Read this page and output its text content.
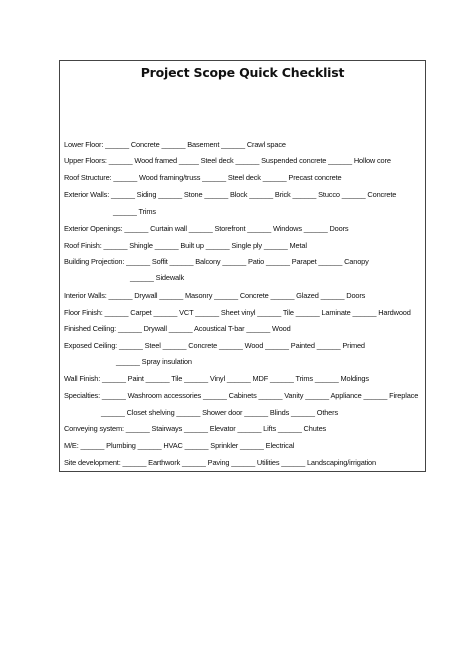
Project Scope Quick Checklist
Lower Floor: ______ Concrete ______ Basement ______ Crawl space
Upper Floors: ______ Wood framed _____ Steel deck ______ Suspended concrete ______ Hollow core
Roof Structure: ______ Wood framing/truss ______ Steel deck ______ Precast concrete
Exterior Walls: ______ Siding ______ Stone ______ Block ______ Brick ______ Stucco ______ Concrete
______ Trims
Exterior Openings: ______ Curtain wall ______ Storefront ______ Windows ______ Doors
Roof Finish: ______ Shingle ______ Built up ______ Single ply ______ Metal
Building Projection: ______ Soffit ______ Balcony ______ Patio ______ Parapet ______ Canopy
______ Sidewalk
Interior Walls: ______ Drywall ______ Masonry ______ Concrete ______ Glazed ______ Doors
Floor Finish: ______ Carpet ______ VCT ______ Sheet vinyl ______ Tile ______ Laminate ______ Hardwood
Finished Ceiling: ______ Drywall ______ Acoustical T-bar ______ Wood
Exposed Ceiling: ______ Steel ______ Concrete ______ Wood ______ Painted ______ Primed
______ Spray insulation
Wall Finish: ______ Paint ______ Tile ______ Vinyl ______ MDF ______ Trims ______ Moldings
Specialties: ______ Washroom accessories ______ Cabinets ______ Vanity ______ Appliance ______ Fireplace
______ Closet shelving ______ Shower door ______ Blinds ______ Others
Conveying system: ______ Stairways ______ Elevator ______ Lifts ______ Chutes
M/E: ______ Plumbing ______ HVAC ______ Sprinkler ______ Electrical
Site development: ______ Earthwork ______ Paving ______ Utilities ______ Landscaping/irrigation
